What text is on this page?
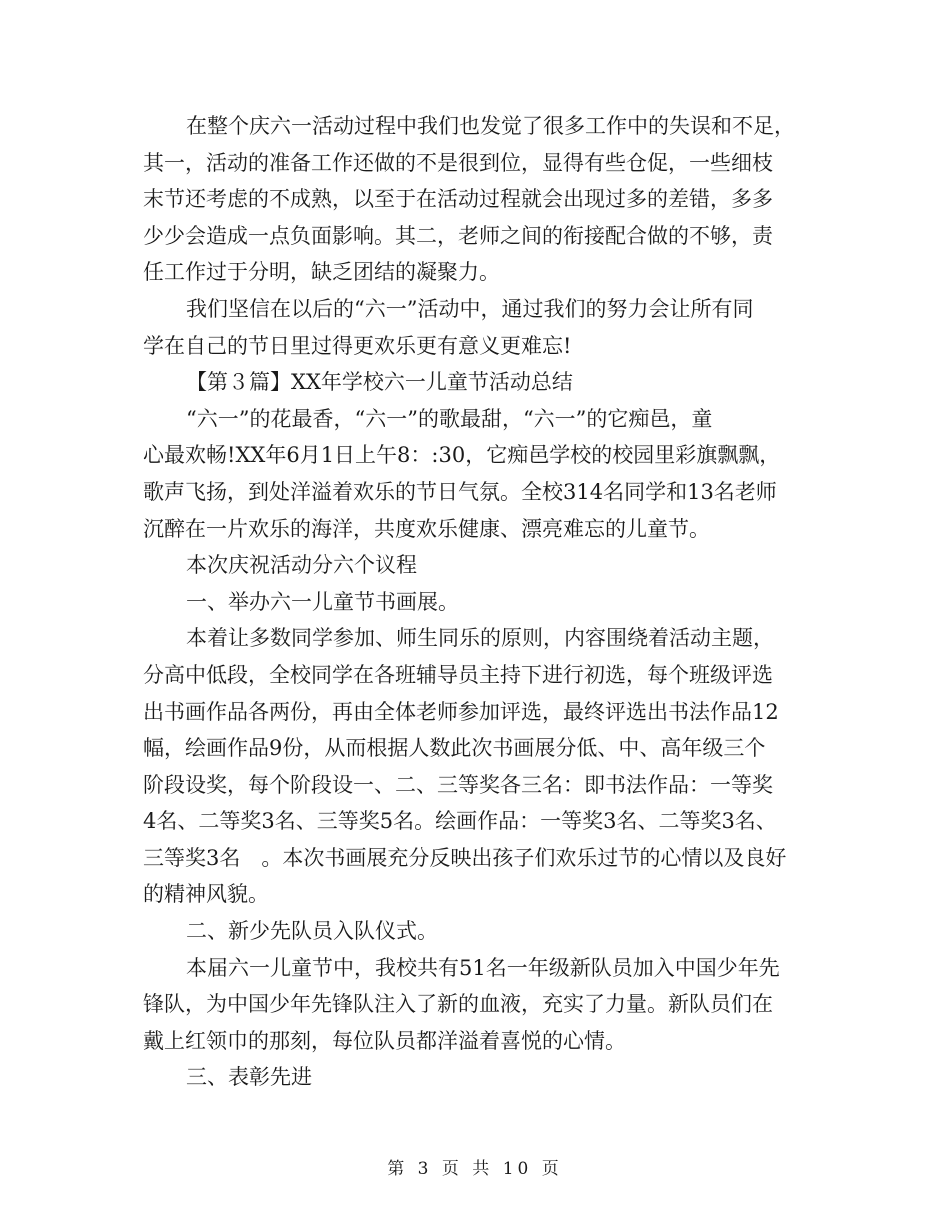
在整个庆六一活动过程中我们也发觉了很多工作中的失误和不足，
其一，活动的准备工作还做的不是很到位，显得有些仓促，一些细枝
末节还考虑的不成熟，以至于在活动过程就会出现过多的差错，多多
少少会造成一点负面影响。其二，老师之间的衔接配合做的不够，责
任工作过于分明，缺乏团结的凝聚力。
我们坚信在以后的“六一”活动中，通过我们的努力会让所有同
学在自己的节日里过得更欢乐更有意义更难忘!
【第３篇】XX年学校六一儿童节活动总结
“六一”的花最香，“六一”的歌最甜，“六一”的它痴邑，童
心最欢畅!XX年6月1日上午8：:30，它痴邑学校的校园里彩旗飘飘，
歌声飞扬，到处洋溢着欢乐的节日气氛。全校314名同学和13名老师
沉醉在一片欢乐的海洋，共度欢乐健康、漂亮难忘的儿童节。
本次庆祝活动分六个议程
一、举办六一儿童节书画展。
本着让多数同学参加、师生同乐的原则，内容围绕着活动主题，
分高中低段，全校同学在各班辅导员主持下进行初选，每个班级评选
出书画作品各两份，再由全体老师参加评选，最终评选出书法作品12
幅，绘画作品9份，从而根据人数此次书画展分低、中、高年级三个
阶段设奖，每个阶段设一、二、三等奖各三名：即书法作品：一等奖
4名、二等奖3名、三等奖5名。绘画作品：一等奖3名、二等奖3名、
三等奖3名　。本次书画展充分反映出孩子们欢乐过节的心情以及良好
的精神风貌。
二、新少先队员入队仪式。
本届六一儿童节中，我校共有51名一年级新队员加入中国少年先
锋队，为中国少年先锋队注入了新的血液，充实了力量。新队员们在
戴上红领巾的那刻，每位队员都洋溢着喜悦的心情。
三、表彰先进
第 3 页 共 10 页
